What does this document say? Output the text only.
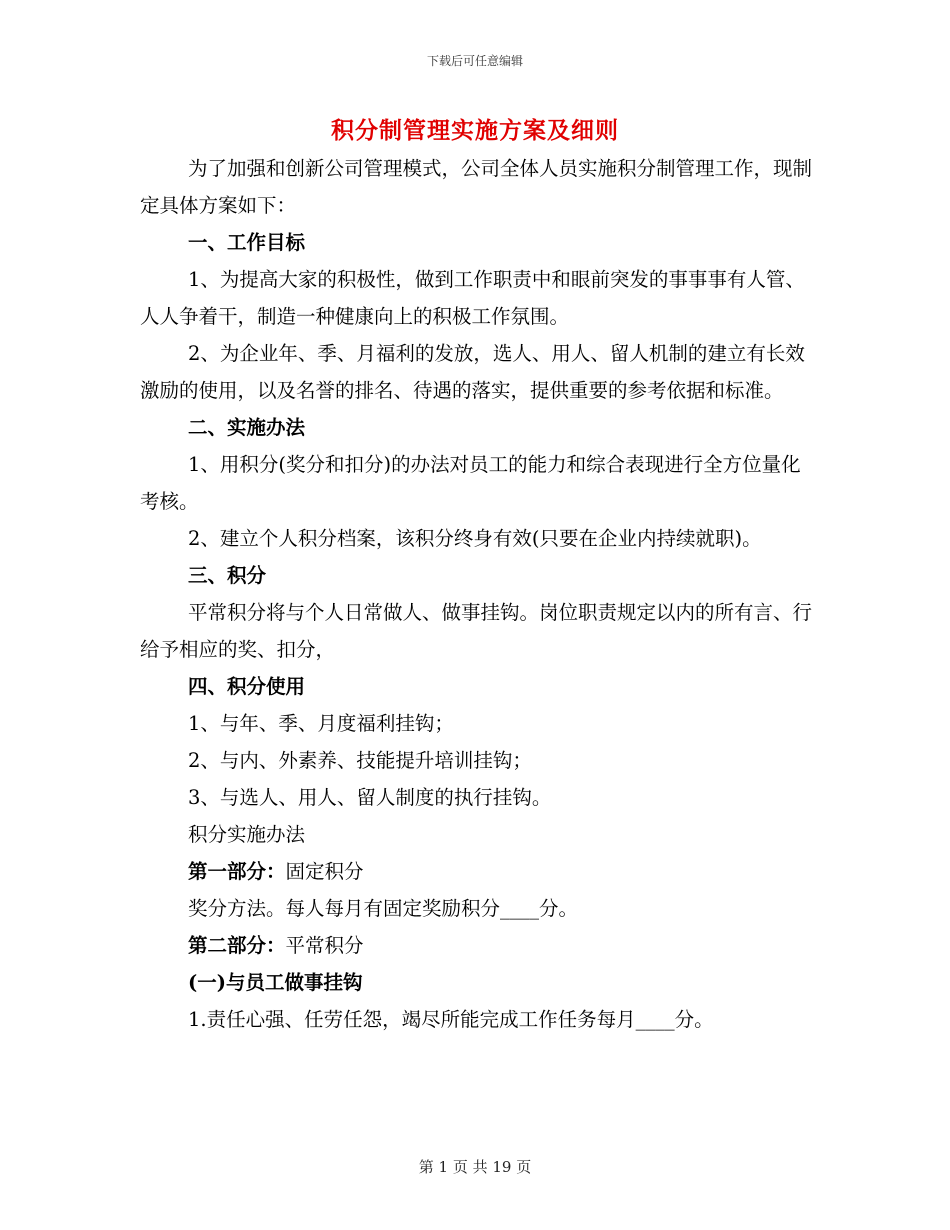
下载后可任意编辑
积分制管理实施方案及细则

为了加强和创新公司管理模式，公司全体人员实施积分制管理工作，现制定具体方案如下：

一、工作目标

1、为提高大家的积极性，做到工作职责中和眼前突发的事事事有人管、人人争着干，制造一种健康向上的积极工作氛围。

2、为企业年、季、月福利的发放，选人、用人、留人机制的建立有长效激励的使用，以及名誉的排名、待遇的落实，提供重要的参考依据和标准。

二、实施办法

1、用积分(奖分和扣分)的办法对员工的能力和综合表现进行全方位量化考核。

2、建立个人积分档案，该积分终身有效(只要在企业内持续就职)。

三、积分

平常积分将与个人日常做人、做事挂钩。岗位职责规定以内的所有言、行给予相应的奖、扣分，

四、积分使用

1、与年、季、月度福利挂钩；

2、与内、外素养、技能提升培训挂钩；

3、与选人、用人、留人制度的执行挂钩。

积分实施办法

第一部分：固定积分

奖分方法。每人每月有固定奖励积分____分。

第二部分：平常积分

(一)与员工做事挂钩

1.责任心强、任劳任怨，竭尽所能完成工作任务每月____分。

第 1 页 共 19 页
